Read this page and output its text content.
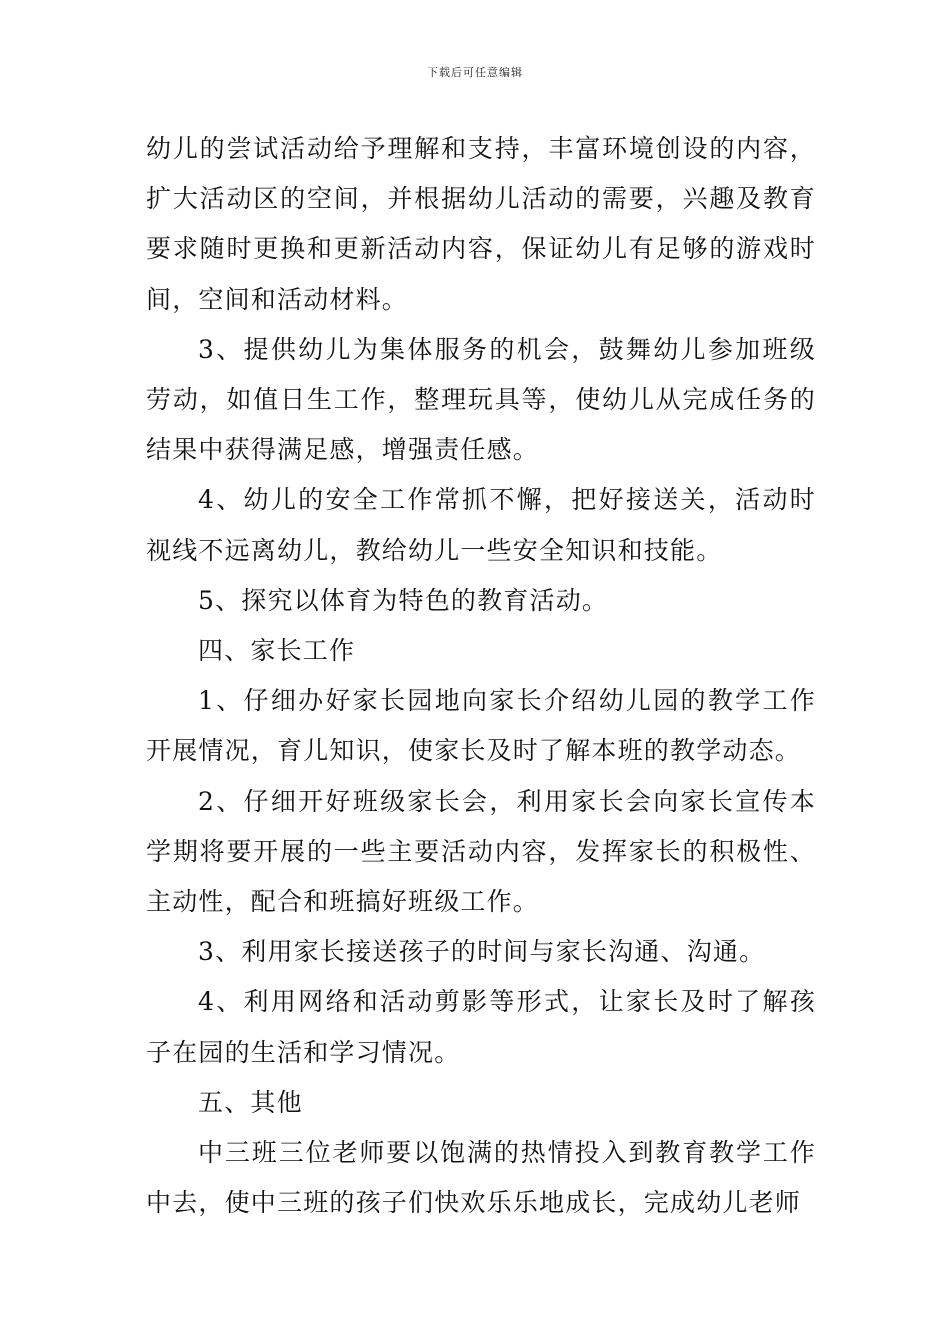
下载后可任意编辑

幼儿的尝试活动给予理解和支持，丰富环境创设的内容，扩大活动区的空间，并根据幼儿活动的需要，兴趣及教育要求随时更换和更新活动内容，保证幼儿有足够的游戏时间，空间和活动材料。

3、提供幼儿为集体服务的机会，鼓舞幼儿参加班级劳动，如值日生工作，整理玩具等，使幼儿从完成任务的结果中获得满足感，增强责任感。

4、幼儿的安全工作常抓不懈，把好接送关，活动时视线不远离幼儿，教给幼儿一些安全知识和技能。

5、探究以体育为特色的教育活动。

四、家长工作

1、仔细办好家长园地向家长介绍幼儿园的教学工作开展情况，育儿知识，使家长及时了解本班的教学动态。

2、仔细开好班级家长会，利用家长会向家长宣传本学期将要开展的一些主要活动内容，发挥家长的积极性、主动性，配合和班搞好班级工作。

3、利用家长接送孩子的时间与家长沟通、沟通。

4、利用网络和活动剪影等形式，让家长及时了解孩子在园的生活和学习情况。

五、其他

中三班三位老师要以饱满的热情投入到教育教学工作中去，使中三班的孩子们快欢乐乐地成长，完成幼儿老师
